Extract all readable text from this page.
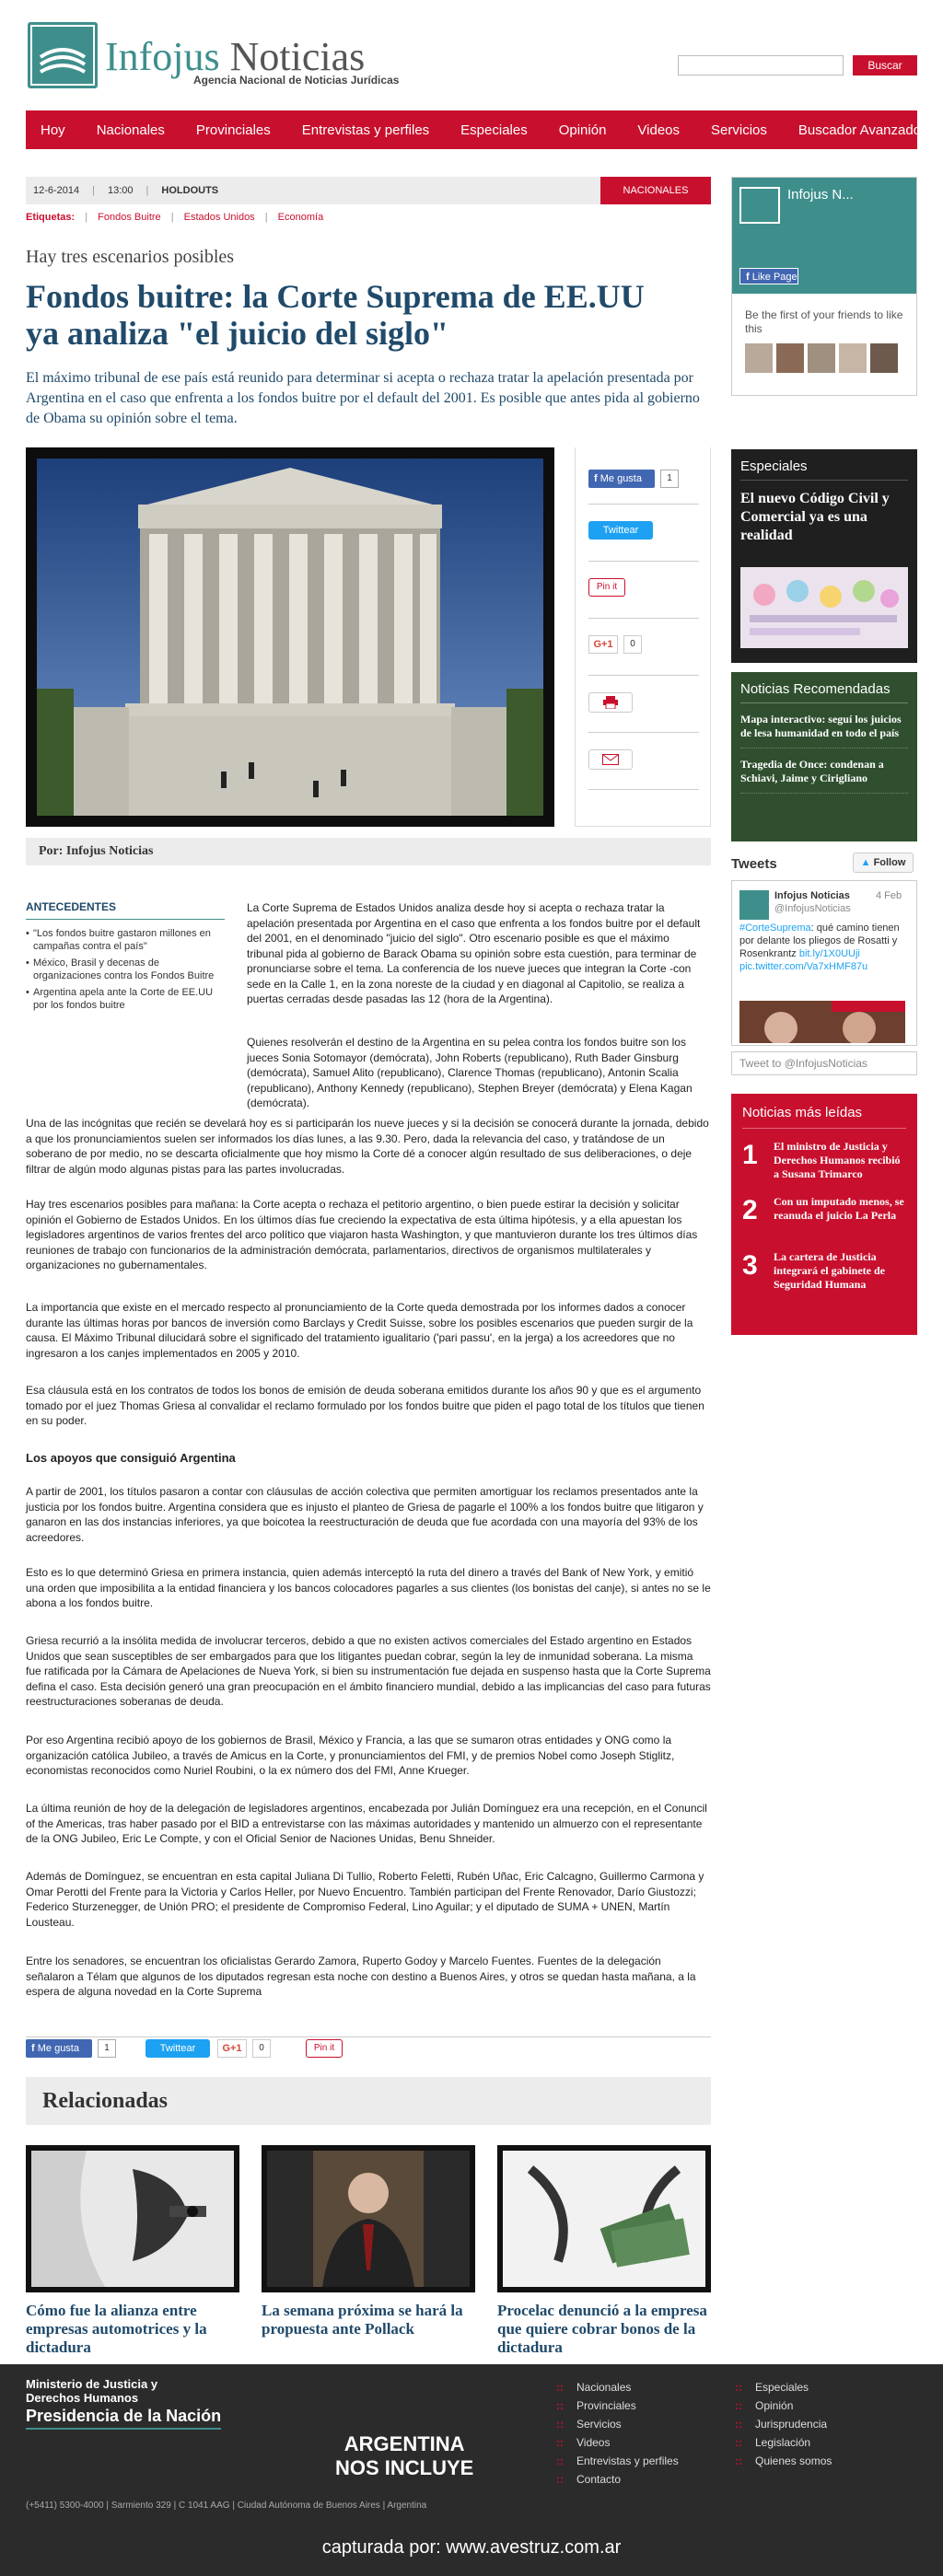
Infojus Noticias
Agencia Nacional de Noticias Jurídicas
Buscar
Hoy Nacionales Provinciales Entrevistas y perfiles Especiales Opinión Videos Servicios Buscador Avanzado
12-6-2014 | 13:00 | HOLDOUTS	NACIONALES
Etiquetas: | Fondos Buitre | Estados Unidos | Economía
Hay tres escenarios posibles
Fondos buitre: la Corte Suprema de EE.UU ya analiza "el juicio del siglo"

El máximo tribunal de ese país está reunido para determinar si acepta o rechaza tratar la apelación presentada por Argentina en el caso que enfrenta a los fondos buitre por el default del 2001. Es posible que antes pida al gobierno de Obama su opinión sobre el tema.

f Me gusta	1
Twittear
Pin it
G+1	0
Por: Infojus Noticias
ANTECEDENTES
• "Los fondos buitre gastaron millones en campañas contra el país"
• México, Brasil y decenas de organizaciones contra los Fondos Buitre
• Argentina apela ante la Corte de EE.UU por los fondos buitre

La Corte Suprema de Estados Unidos analiza desde hoy si acepta o rechaza tratar la apelación presentada por Argentina en el caso que enfrenta a los fondos buitre por el default del 2001, en el denominado "juicio del siglo". Otro escenario posible es que el máximo tribunal pida al gobierno de Barack Obama su opinión sobre esta cuestión, para terminar de pronunciarse sobre el tema. La conferencia de los nueve jueces que integran la Corte -con sede en la Calle 1, en la zona noreste de la ciudad y en diagonal al Capitolio, se realiza a puertas cerradas desde pasadas las 12 (hora de la Argentina).

Quienes resolverán el destino de la Argentina en su pelea contra los fondos buitre son los jueces Sonia Sotomayor (demócrata), John Roberts (republicano), Ruth Bader Ginsburg (demócrata), Samuel Alito (republicano), Clarence Thomas (republicano), Antonin Scalia (republicano), Anthony Kennedy (republicano), Stephen Breyer (demócrata) y Elena Kagan (demócrata).

Una de las incógnitas que recién se develará hoy es si participarán los nueve jueces y si la decisión se conocerá durante la jornada, debido a que los pronunciamientos suelen ser informados los días lunes, a las 9.30. Pero, dada la relevancia del caso, y tratándose de un soberano de por medio, no se descarta oficialmente que hoy mismo la Corte dé a conocer algún resultado de sus deliberaciones, o deje filtrar de algún modo algunas pistas para las partes involucradas.

Hay tres escenarios posibles para mañana: la Corte acepta o rechaza el petitorio argentino, o bien puede estirar la decisión y solicitar opinión el Gobierno de Estados Unidos. En los últimos días fue creciendo la expectativa de esta última hipótesis, y a ella apuestan los legisladores argentinos de varios frentes del arco político que viajaron hasta Washington, y que mantuvieron durante los tres últimos días reuniones de trabajo con funcionarios de la administración demócrata, parlamentarios, directivos de organismos multilaterales y organizaciones no gubernamentales.

La importancia que existe en el mercado respecto al pronunciamiento de la Corte queda demostrada por los informes dados a conocer durante las últimas horas por bancos de inversión como Barclays y Credit Suisse, sobre los posibles escenarios que pueden surgir de la causa. El Máximo Tribunal dilucidará sobre el significado del tratamiento igualitario ('pari passu', en la jerga) a los acreedores que no ingresaron a los canjes implementados en 2005 y 2010.

Esa cláusula está en los contratos de todos los bonos de emisión de deuda soberana emitidos durante los años 90 y que es el argumento tomado por el juez Thomas Griesa al convalidar el reclamo formulado por los fondos buitre que piden el pago total de los títulos que tienen en su poder.

Los apoyos que consiguió Argentina

A partir de 2001, los títulos pasaron a contar con cláusulas de acción colectiva que permiten amortiguar los reclamos presentados ante la justicia por los fondos buitre. Argentina considera que es injusto el planteo de Griesa de pagarle el 100% a los fondos buitre que litigaron y ganaron en las dos instancias inferiores, ya que boicotea la reestructuración de deuda que fue acordada con una mayoría del 93% de los acreedores.

Esto es lo que determinó Griesa en primera instancia, quien además interceptó la ruta del dinero a través del Bank of New York, y emitió una orden que imposibilita a la entidad financiera y los bancos colocadores pagarles a sus clientes (los bonistas del canje), si antes no se le abona a los fondos buitre.

Griesa recurrió a la insólita medida de involucrar terceros, debido a que no existen activos comerciales del Estado argentino en Estados Unidos que sean susceptibles de ser embargados para que los litigantes puedan cobrar, según la ley de inmunidad soberana. La misma fue ratificada por la Cámara de Apelaciones de Nueva York, si bien su instrumentación fue dejada en suspenso hasta que la Corte Suprema defina el caso. Esta decisión generó una gran preocupación en el ámbito financiero mundial, debido a las implicancias del caso para futuras reestructuraciones soberanas de deuda.

Por eso Argentina recibió apoyo de los gobiernos de Brasil, México y Francia, a las que se sumaron otras entidades y ONG como la organización católica Jubileo, a través de Amicus en la Corte, y pronunciamientos del FMI, y de premios Nobel como Joseph Stiglitz, economistas reconocidos como Nuriel Roubini, o la ex número dos del FMI, Anne Krueger.

La última reunión de hoy de la delegación de legisladores argentinos, encabezada por Julián Domínguez era una recepción, en el Conuncil of the Americas, tras haber pasado por el BID a entrevistarse con las máximas autoridades y mantenido un almuerzo con el representante de la ONG Jubileo, Eric Le Compte, y con el Oficial Senior de Naciones Unidas, Benu Shneider.

Además de Domínguez, se encuentran en esta capital Juliana Di Tullio, Roberto Feletti, Rubén Uñac, Eric Calcagno, Guillermo Carmona y Omar Perotti del Frente para la Victoria y Carlos Heller, por Nuevo Encuentro. También participan del Frente Renovador, Darío Giustozzi; Federico Sturzenegger, de Unión PRO; el presidente de Compromiso Federal, Lino Aguilar; y el diputado de SUMA + UNEN, Martín Lousteau.

Entre los senadores, se encuentran los oficialistas Gerardo Zamora, Ruperto Godoy y Marcelo Fuentes. Fuentes de la delegación señalaron a Télam que algunos de los diputados regresan esta noche con destino a Buenos Aires, y otros se quedan hasta mañana, a la espera de alguna novedad en la Corte Suprema

f Me gusta	1	Twittear	G+1	0	Pin it
Relacionadas
Cómo fue la alianza entre empresas automotrices y la dictadura
La semana próxima se hará la propuesta ante Pollack
Procelac denunció a la empresa que quiere cobrar bonos de la dictadura
Infojus N...
f Like Page
Be the first of your friends to like this
Especiales
El nuevo Código Civil y Comercial ya es una realidad
Noticias Recomendadas
Mapa interactivo: seguí los juicios de lesa humanidad en todo el país
Tragedia de Once: condenan a Schiavi, Jaime y Cirigliano
Tweets	▲ Follow
Infojus Noticias
@InfojusNoticias
4 Feb
#CorteSuprema: qué camino tienen por delante los pliegos de Rosatti y Rosenkrantz bit.ly/1X0UUji pic.twitter.com/Va7xHMF87u
Tweet to @InfojusNoticias
Noticias más leídas
1 El ministro de Justicia y Derechos Humanos recibió a Susana Trimarco
2 Con un imputado menos, se reanuda el juicio La Perla
3 La cartera de Justicia integrará el gabinete de Seguridad Humana
Ministerio de Justicia y Derechos Humanos
Presidencia de la Nación
(+5411) 5300-4000 | Sarmiento 329 | C 1041 AAG | Ciudad Autónoma de Buenos Aires | Argentina
ARGENTINA
NOS INCLUYE
:: Nacionales
:: Provinciales
:: Servicios
:: Videos
:: Entrevistas y perfiles
:: Contacto
:: Especiales
:: Opinión
:: Jurisprudencia
:: Legislación
:: Quienes somos
capturada por: www.avestruz.com.ar
